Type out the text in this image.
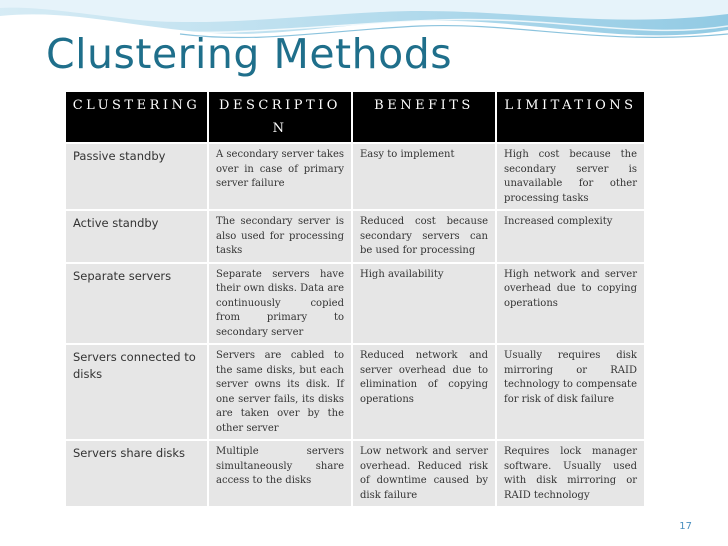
Clustering Methods
CLUSTERING	DESCRIPTION	BENEFITS	LIMITATIONS
Passive standby	A secondary server takes over in case of primary server failure	Easy to implement	High cost because the secondary server is unavailable for other processing tasks
Active standby	The secondary server is also used for processing tasks	Reduced cost because secondary servers can be used for processing	Increased complexity
Separate servers	Separate servers have their own disks. Data are continuously copied from primary to secondary server	High availability	High network and server overhead due to copying operations
Servers connected to disks	Servers are cabled to the same disks, but each server owns its disk. If one server fails, its disks are taken over by the other server	Reduced network and server overhead due to elimination of copying operations	Usually requires disk mirroring or RAID technology to compensate for risk of disk failure
Servers share disks	Multiple servers simultaneously share access to the disks	Low network and server overhead. Reduced risk of downtime caused by disk failure	Requires lock manager software. Usually used with disk mirroring or RAID technology
17
